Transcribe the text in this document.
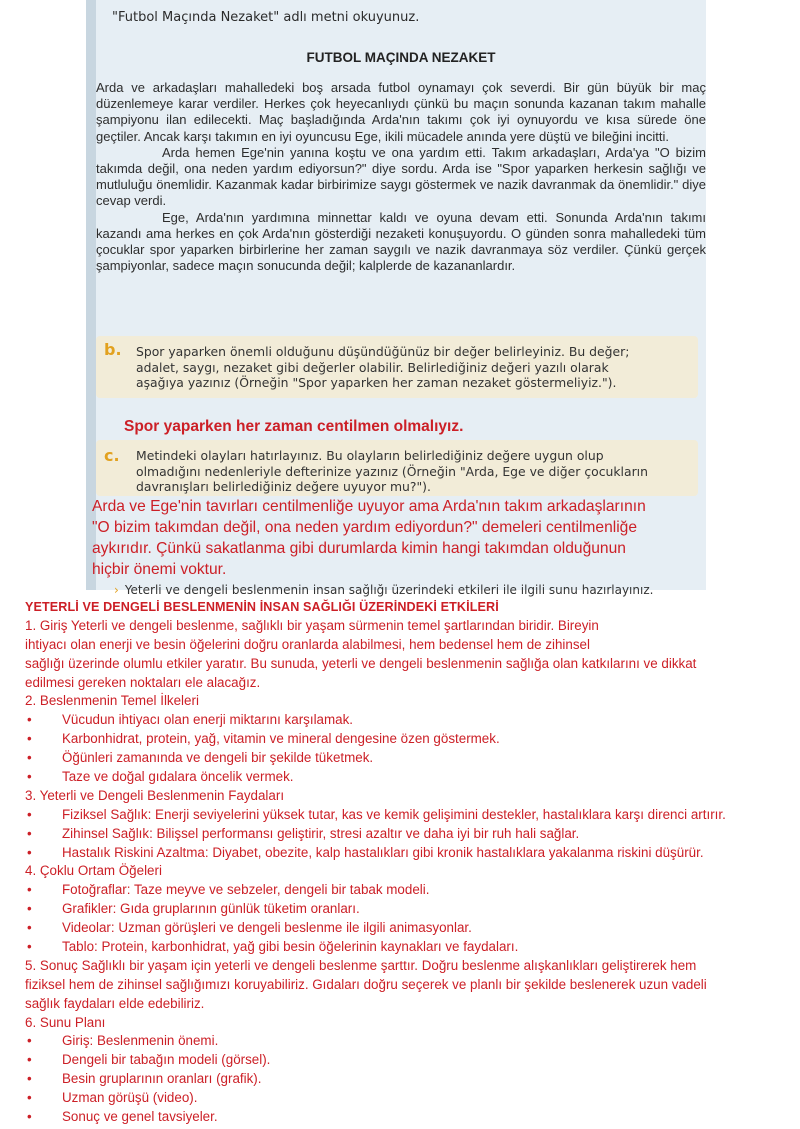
"Futbol Maçında Nezaket" adlı metni okuyunuz.
FUTBOL MAÇINDA NEZAKET

Arda ve arkadaşları mahalledeki boş arsada futbol oynamayı çok severdi. Bir gün büyük bir maç düzenlemeye karar verdiler. Herkes çok heyecanlıydı çünkü bu maçın sonunda kazanan takım mahalle şampiyonu ilan edilecekti. Maç başladığında Arda'nın takımı çok iyi oynuyordu ve kısa sürede öne geçtiler. Ancak karşı takımın en iyi oyuncusu Ege, ikili mücadele anında yere düştü ve bileğini incitti.

Arda hemen Ege'nin yanına koştu ve ona yardım etti. Takım arkadaşları, Arda'ya "O bizim takımda değil, ona neden yardım ediyorsun?" diye sordu. Arda ise "Spor yaparken herkesin sağlığı ve mutluluğu önemlidir. Kazanmak kadar birbirimize saygı göstermek ve nazik davranmak da önemlidir." diye cevap verdi.

Ege, Arda'nın yardımına minnettar kaldı ve oyuna devam etti. Sonunda Arda'nın takımı kazandı ama herkes en çok Arda'nın gösterdiği nezaketi konuşuyordu. O günden sonra mahalledeki tüm çocuklar spor yaparken birbirlerine her zaman saygılı ve nazik davranmaya söz verdiler. Çünkü gerçek şampiyonlar, sadece maçın sonucunda değil; kalplerde de kazananlardır.

b. Spor yaparken önemli olduğunu düşündüğünüz bir değer belirleyiniz. Bu değer;
adalet, saygı, nezaket gibi değerler olabilir. Belirlediğiniz değeri yazılı olarak
aşağıya yazınız (Örneğin "Spor yaparken her zaman nezaket göstermeliyiz.").
Spor yaparken her zaman centilmen olmalıyız.
c. Metindeki olayları hatırlayınız. Bu olayların belirlediğiniz değere uygun olup
olmadığını nedenleriyle defterinize yazınız (Örneğin "Arda, Ege ve diğer çocukların
davranışları belirlediğiniz değere uyuyor mu?").
Arda ve Ege'nin tavırları centilmenliğe uyuyor ama Arda'nın takım arkadaşlarının
"O bizim takımdan değil, ona neden yardım ediyordun?" demeleri centilmenliğe
aykırıdır. Çünkü sakatlanma gibi durumlarda kimin hangi takımdan olduğunun
hiçbir önemi voktur.
› Yeterli ve dengeli beslenmenin insan sağlığı üzerindeki etkileri ile ilgili sunu hazırlayınız.
YETERLİ VE DENGELİ BESLENMENİN İNSAN SAĞLIĞI ÜZERİNDEKİ ETKİLERİ
1. Giriş Yeterli ve dengeli beslenme, sağlıklı bir yaşam sürmenin temel şartlarından biridir. Bireyin
ihtiyacı olan enerji ve besin öğelerini doğru oranlarda alabilmesi, hem bedensel hem de zihinsel
sağlığı üzerinde olumlu etkiler yaratır. Bu sunuda, yeterli ve dengeli beslenmenin sağlığa olan katkılarını ve dikkat
edilmesi gereken noktaları ele alacağız.
2. Beslenmenin Temel İlkeleri
• Vücudun ihtiyacı olan enerji miktarını karşılamak.
• Karbonhidrat, protein, yağ, vitamin ve mineral dengesine özen göstermek.
• Öğünleri zamanında ve dengeli bir şekilde tüketmek.
• Taze ve doğal gıdalara öncelik vermek.
3. Yeterli ve Dengeli Beslenmenin Faydaları
• Fiziksel Sağlık: Enerji seviyelerini yüksek tutar, kas ve kemik gelişimini destekler, hastalıklara karşı direnci artırır.
• Zihinsel Sağlık: Bilişsel performansı geliştirir, stresi azaltır ve daha iyi bir ruh hali sağlar.
• Hastalık Riskini Azaltma: Diyabet, obezite, kalp hastalıkları gibi kronik hastalıklara yakalanma riskini düşürür.
4. Çoklu Ortam Öğeleri
• Fotoğraflar: Taze meyve ve sebzeler, dengeli bir tabak modeli.
• Grafikler: Gıda gruplarının günlük tüketim oranları.
• Videolar: Uzman görüşleri ve dengeli beslenme ile ilgili animasyonlar.
• Tablo: Protein, karbonhidrat, yağ gibi besin öğelerinin kaynakları ve faydaları.
5. Sonuç Sağlıklı bir yaşam için yeterli ve dengeli beslenme şarttır. Doğru beslenme alışkanlıkları geliştirerek hem
fiziksel hem de zihinsel sağlığımızı koruyabiliriz. Gıdaları doğru seçerek ve planlı bir şekilde beslenerek uzun vadeli
sağlık faydaları elde edebiliriz.
6. Sunu Planı
• Giriş: Beslenmenin önemi.
• Dengeli bir tabağın modeli (görsel).
• Besin gruplarının oranları (grafik).
• Uzman görüşü (video).
• Sonuç ve genel tavsiyeler.
